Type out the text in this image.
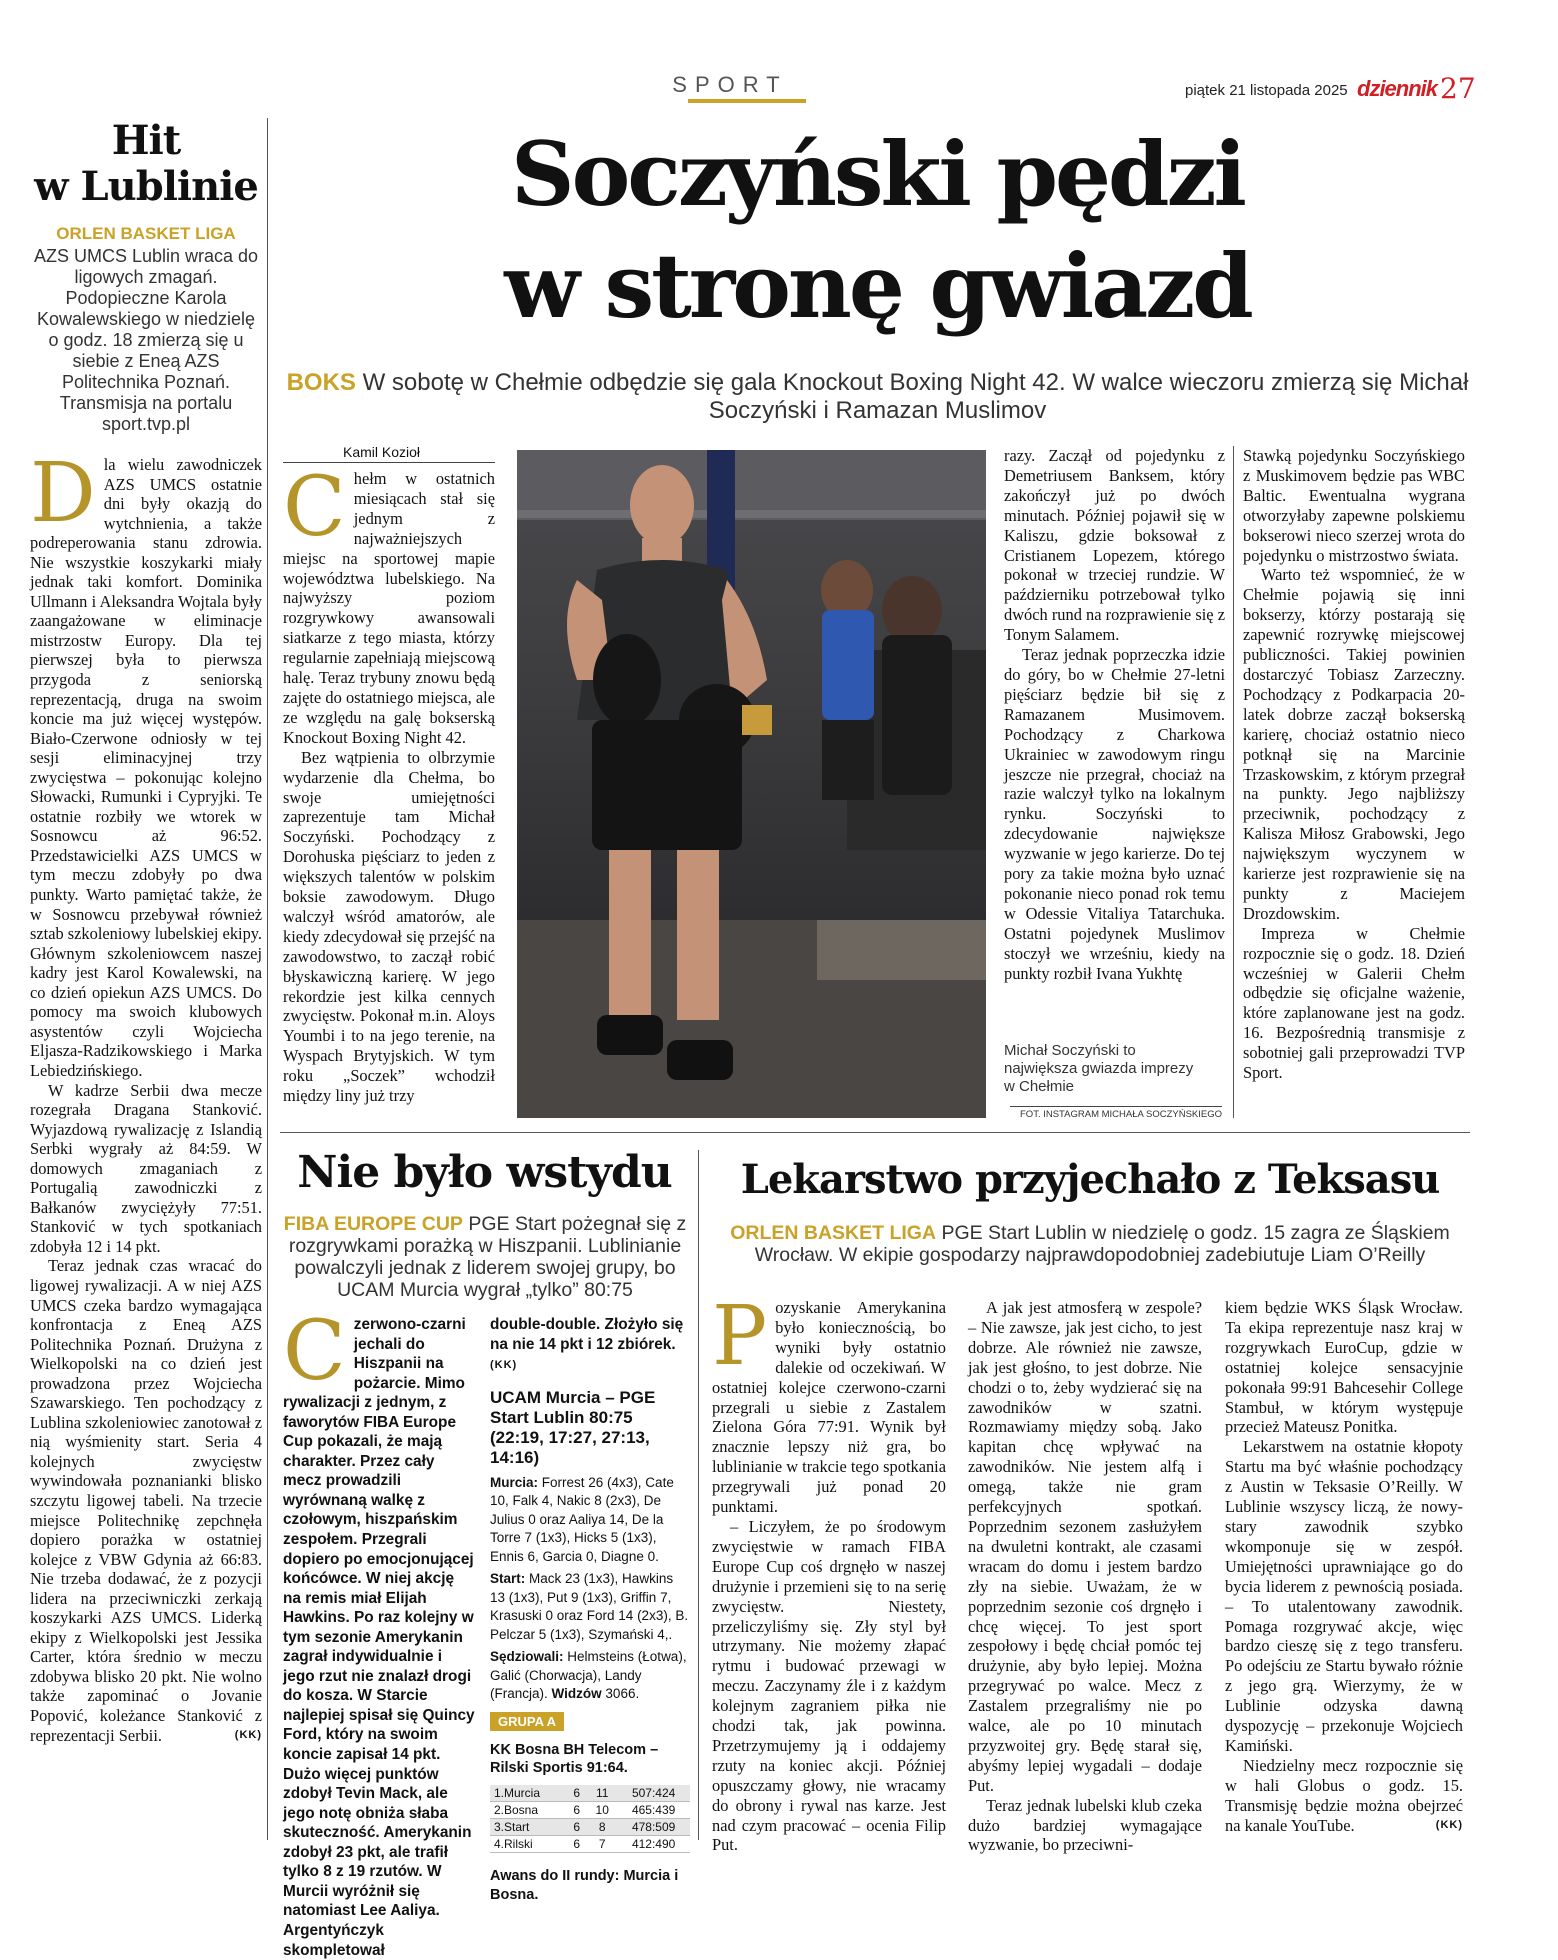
SPORT	piątek 21 listopada 2025 dziennik 27
Hit
w Lublinie
ORLEN BASKET LIGA
AZS UMCS Lublin wraca do ligowych zmagań. Podopieczne Karola Kowalewskiego w niedzielę o godz. 18 zmierzą się u siebie z Eneą AZS Politechnika Poznań. Transmisja na portalu sport.tvp.pl

Dla wielu zawodniczek AZS UMCS ostatnie dni były okazją do wytchnienia, a także podreperowania stanu zdrowia. Nie wszystkie koszykarki miały jednak taki komfort. Dominika Ullmann i Aleksandra Wojtala były zaangażowane w eliminacje mistrzostw Europy. Dla tej pierwszej była to pierwsza przygoda z seniorską reprezentacją, druga na swoim koncie ma już więcej występów. Biało-Czerwone odniosły w tej sesji eliminacyjnej trzy zwycięstwa – pokonując kolejno Słowacki, Rumunki i Cypryjki. Te ostatnie rozbiły we wtorek w Sosnowcu aż 96:52. Przedstawicielki AZS UMCS w tym meczu zdobyły po dwa punkty. Warto pamiętać także, że w Sosnowcu przebywał również sztab szkoleniowy lubelskiej ekipy. Głównym szkoleniowcem naszej kadry jest Karol Kowalewski, na co dzień opiekun AZS UMCS. Do pomocy ma swoich klubowych asystentów czyli Wojciecha Eljasza-Radzikowskiego i Marka Lebiedzińskiego.

W kadrze Serbii dwa mecze rozegrała Dragana Stanković. Wyjazdową rywalizację z Islandią Serbki wygrały aż 84:59. W domowych zmaganiach z Portugalią zawodniczki z Bałkanów zwyciężyły 77:51. Stanković w tych spotkaniach zdobyła 12 i 14 pkt.

Teraz jednak czas wracać do ligowej rywalizacji. A w niej AZS UMCS czeka bardzo wymagająca konfrontacja z Eneą AZS Politechnika Poznań. Drużyna z Wielkopolski na co dzień jest prowadzona przez Wojciecha Szawarskiego. Ten pochodzący z Lublina szkoleniowiec zanotował z nią wyśmienity start. Seria 4 kolejnych zwycięstw wywindowała poznanianki blisko szczytu ligowej tabeli. Na trzecie miejsce Politechnikę zepchnęła dopiero porażka w ostatniej kolejce z VBW Gdynia aż 66:83. Nie trzeba dodawać, że z pozycji lidera na przeciwniczki zerkają koszykarki AZS UMCS. Liderką ekipy z Wielkopolski jest Jessika Carter, która średnio w meczu zdobywa blisko 20 pkt. Nie wolno także zapominać o Jovanie Popović, koleżance Stanković z reprezentacji Serbii.	(KK)

Soczyński pędzi
w stronę gwiazd
BOKS W sobotę w Chełmie odbędzie się gala Knockout Boxing Night 42. W walce wieczoru zmierzą się Michał Soczyński i Ramazan Muslimov
Kamil Kozioł

Chełm w ostatnich miesiącach stał się jednym z najważniejszych miejsc na sportowej mapie województwa lubelskiego. Na najwyższy poziom rozgrywkowy awansowali siatkarze z tego miasta, którzy regularnie zapełniają miejscową halę. Teraz trybuny znowu będą zajęte do ostatniego miejsca, ale ze względu na galę bokserską Knockout Boxing Night 42.

Bez wątpienia to olbrzymie wydarzenie dla Chełma, bo swoje umiejętności zaprezentuje tam Michał Soczyński. Pochodzący z Dorohuska pięściarz to jeden z większych talentów w polskim boksie zawodowym. Długo walczył wśród amatorów, ale kiedy zdecydował się przejść na zawodowstwo, to zaczął robić błyskawiczną karierę. W jego rekordzie jest kilka cennych zwycięstw. Pokonał m.in. Aloys Youmbi i to na jego terenie, na Wyspach Brytyjskich. W tym roku „Soczek” wchodził między liny już trzy

razy. Zaczął od pojedynku z Demetriusem Banksem, który zakończył już po dwóch minutach. Później pojawił się w Kaliszu, gdzie boksował z Cristianem Lopezem, którego pokonał w trzeciej rundzie. W październiku potrzebował tylko dwóch rund na rozprawienie się z Tonym Salamem.

Teraz jednak poprzeczka idzie do góry, bo w Chełmie 27-letni pięściarz będzie bił się z Ramazanem Musimovem. Pochodzący z Charkowa Ukrainiec w zawodowym ringu jeszcze nie przegrał, chociaż na razie walczył tylko na lokalnym rynku. Soczyński to zdecydowanie największe wyzwanie w jego karierze. Do tej pory za takie można było uznać pokonanie nieco ponad rok temu w Odessie Vitaliya Tatarchuka. Ostatni pojedynek Muslimov stoczył we wrześniu, kiedy na punkty rozbił Ivana Yukhtę

Michał Soczyński to największa gwiazda imprezy w Chełmie
FOT. INSTAGRAM MICHAŁA SOCZYŃSKIEGO

Stawką pojedynku Soczyńskiego z Muskimovem będzie pas WBC Baltic. Ewentualna wygrana otworzyłaby zapewne polskiemu bokserowi nieco szerzej wrota do pojedynku o mistrzostwo świata.

Warto też wspomnieć, że w Chełmie pojawią się inni bokserzy, którzy postarają się zapewnić rozrywkę miejscowej publiczności. Takiej powinien dostarczyć Tobiasz Zarzeczny. Pochodzący z Podkarpacia 20-latek dobrze zaczął bokserską karierę, chociaż ostatnio nieco potknął się na Marcinie Trzaskowskim, z którym przegrał na punkty. Jego najbliższy przeciwnik, pochodzący z Kalisza Miłosz Grabowski, Jego największym wyczynem w karierze jest rozprawienie się na punkty z Maciejem Drozdowskim.

Impreza w Chełmie rozpocznie się o godz. 18. Dzień wcześniej w Galerii Chełm odbędzie się oficjalne ważenie, które zaplanowane jest na godz. 16. Bezpośrednią transmisje z sobotniej gali przeprowadzi TVP Sport.

Nie było wstydu
FIBA EUROPE CUP PGE Start pożegnał się z rozgrywkami porażką w Hiszpanii. Lublinianie powalczyli jednak z liderem swojej grupy, bo UCAM Murcia wygrał „tylko” 80:75
Czerwono-czarni jechali do Hiszpanii na pożarcie. Mimo rywalizacji z jednym, z faworytów FIBA Europe Cup pokazali, że mają charakter. Przez cały mecz prowadzili wyrównaną walkę z czołowym, hiszpańskim zespołem. Przegrali dopiero po emocjonującej końcówce. W niej akcję na remis miał Elijah Hawkins. Po raz kolejny w tym sezonie Amerykanin zagrał indywidualnie i jego rzut nie znalazł drogi do kosza. W Starcie najlepiej spisał się Quincy Ford, który na swoim koncie zapisał 14 pkt. Dużo więcej punktów zdobył Tevin Mack, ale jego notę obniża słaba skuteczność. Amerykanin zdobył 23 pkt, ale trafił tylko 8 z 19 rzutów. W Murcii wyróżnił się natomiast Lee Aaliya. Argentyńczyk skompletował
double-double. Złożyło się na nie 14 pkt i 12 zbiórek. (KK)
UCAM Murcia – PGE Start Lublin 80:75 (22:19, 17:27, 27:13, 14:16)
Murcia: Forrest 26 (4x3), Cate 10, Falk 4, Nakic 8 (2x3), De Julius 0 oraz Aaliya 14, De la Torre 7 (1x3), Hicks 5 (1x3), Ennis 6, Garcia 0, Diagne 0.
Start: Mack 23 (1x3), Hawkins 13 (1x3), Put 9 (1x3), Griffin 7, Krasuski 0 oraz Ford 14 (2x3), B. Pelczar 5 (1x3), Szymański 4,.
Sędziowali: Helmsteins (Łotwa), Galić (Chorwacja), Landy (Francja). Widzów 3066.
GRUPA A
KK Bosna BH Telecom – Rilski Sportis 91:64.
1.Murcia	6	11	507:424
2.Bosna	6	10	465:439
3.Start	6	8	478:509
4.Rilski	6	7	412:490
Awans do II rundy: Murcia i Bosna.
Lekarstwo przyjechało z Teksasu
ORLEN BASKET LIGA PGE Start Lublin w niedzielę o godz. 15 zagra ze Śląskiem Wrocław. W ekipie gospodarzy najprawdopodobniej zadebiutuje Liam O’Reilly

Pozyskanie Amerykanina było koniecznością, bo wyniki były ostatnio dalekie od oczekiwań. W ostatniej kolejce czerwono-czarni przegrali u siebie z Zastalem Zielona Góra 77:91. Wynik był znacznie lepszy niż gra, bo lublinianie w trakcie tego spotkania przegrywali już ponad 20 punktami.

– Liczyłem, że po środowym zwycięstwie w ramach FIBA Europe Cup coś drgnęło w naszej drużynie i przemieni się to na serię zwycięstw. Niestety, przeliczyliśmy się. Zły styl był utrzymany. Nie możemy złapać rytmu i budować przewagi w meczu. Zaczynamy źle i z każdym kolejnym zagraniem piłka nie chodzi tak, jak powinna. Przetrzymujemy ją i oddajemy rzuty na koniec akcji. Później opuszczamy głowy, nie wracamy do obrony i rywal nas karze. Jest nad czym pracować – ocenia Filip Put.

A jak jest atmosferą w zespole? – Nie zawsze, jak jest cicho, to jest dobrze. Ale również nie zawsze, jak jest głośno, to jest dobrze. Nie chodzi o to, żeby wydzierać się na zawodników w szatni. Rozmawiamy między sobą. Jako kapitan chcę wpływać na zawodników. Nie jestem alfą i omegą, także nie gram perfekcyjnych spotkań. Poprzednim sezonem zasłużyłem na dwuletni kontrakt, ale czasami wracam do domu i jestem bardzo zły na siebie. Uważam, że w poprzednim sezonie coś drgnęło i chcę więcej. To jest sport zespołowy i będę chciał pomóc tej drużynie, aby było lepiej. Można przegrywać po walce. Mecz z Zastalem przegraliśmy nie po walce, ale po 10 minutach przyzwoitej gry. Będę starał się, abyśmy lepiej wygadali – dodaje Put.

Teraz jednak lubelski klub czeka dużo bardziej wymagające wyzwanie, bo przeciwni-

kiem będzie WKS Śląsk Wrocław. Ta ekipa reprezentuje nasz kraj w rozgrywkach EuroCup, gdzie w ostatniej kolejce sensacyjnie pokonała 99:91 Bahcesehir College Stambuł, w którym występuje przecież Mateusz Ponitka.

Lekarstwem na ostatnie kłopoty Startu ma być właśnie pochodzący z Austin w Teksasie O’Reilly. W Lublinie wszyscy liczą, że nowy-stary zawodnik szybko wkomponuje się w zespół. Umiejętności uprawniające go do bycia liderem z pewnością posiada. – To utalentowany zawodnik. Pomaga rozgrywać akcje, więc bardzo cieszę się z tego transferu. Po odejściu ze Startu bywało różnie z jego grą. Wierzymy, że w Lublinie odzyska dawną dyspozycję – przekonuje Wojciech Kamiński.

Niedzielny mecz rozpocznie się w hali Globus o godz. 15. Transmisję będzie można obejrzeć na kanale YouTube.	(KK)
